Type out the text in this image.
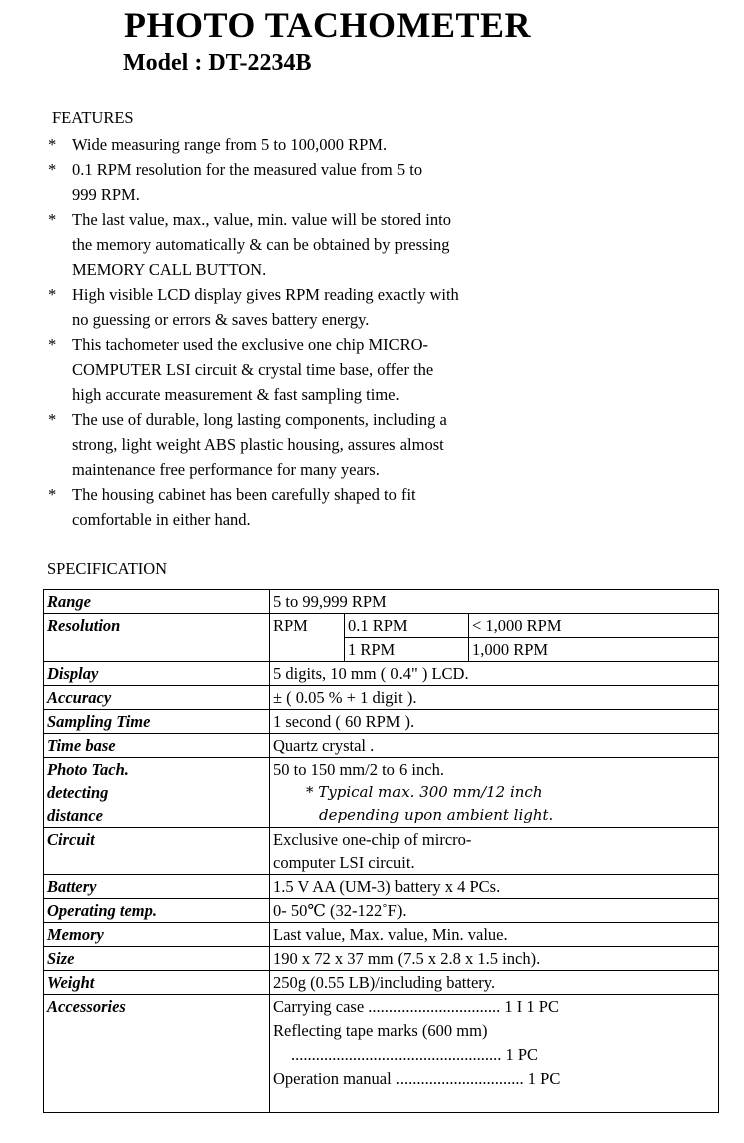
PHOTO TACHOMETER
Model : DT-2234B
FEATURES
* Wide measuring range from 5 to 100,000 RPM.
* 0.1 RPM resolution for the measured value from 5 to
999 RPM.
* The last value, max., value, min. value will be stored into
the memory automatically & can be obtained by pressing
MEMORY CALL BUTTON.
* High visible LCD display gives RPM reading exactly with
no guessing or errors & saves battery energy.
* This tachometer used the exclusive one chip MICRO-
COMPUTER LSI circuit & crystal time base, offer the
high accurate measurement & fast sampling time.
* The use of durable, long lasting components, including a
strong, light weight ABS plastic housing, assures almost
maintenance free performance for many years.
* The housing cabinet has been carefully shaped to fit
comfortable in either hand.
SPECIFICATION
Range	5 to 99,999 RPM		
Resolution	RPM	0.1 RPM	< 1,000 RPM
		1 RPM	1,000 RPM
Display	5 digits, 10 mm ( 0.4" ) LCD.		
Accuracy	± ( 0.05 % + 1 digit ).		
Sampling Time	1 second ( 60 RPM ).		
Time base	Quartz crystal .		

Photo Tach.
detecting
distance	50 to 150 mm/2 to 6 inch.
* Typical max. 300 mm/12 inch
depending upon ambient light.		

Circuit	Exclusive one-chip of mircro-
computer LSI circuit.		

Battery	1.5 V AA (UM-3) battery x 4 PCs.		
Operating temp.	0- 50℃ (32-122˚F).		
Memory	Last value, Max. value, Min. value.		
Size	190 x 72 x 37 mm (7.5 x 2.8 x 1.5 inch).		
Weight	250g (0.55 LB)/including battery.		
Accessories	Carrying case ................................ 1 I 1 PC
Reflecting tape marks (600 mm)
................................................... 1 PC
Operation manual ............................... 1 PC		
